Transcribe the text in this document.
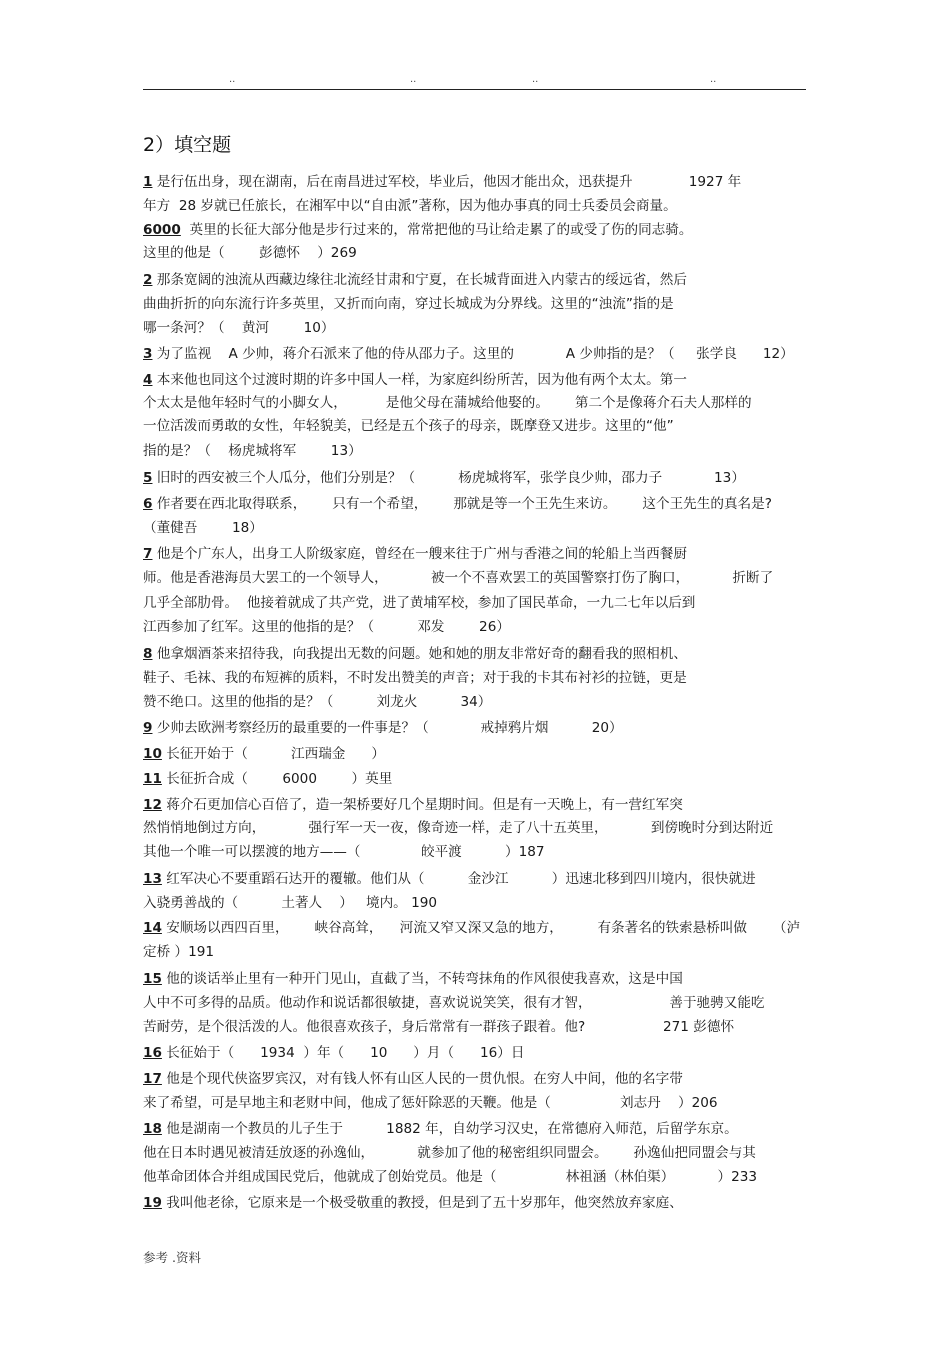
..	..	..	..
2）填空题
1 是行伍出身，现在湖南，后在南昌进过军校，毕业后，他因才能出众，迅获提升             1927 年
年方  28 岁就已任旅长，在湘军中以“自由派”著称，因为他办事真的同士兵委员会商量。
6000  英里的长征大部分他是步行过来的，常常把他的马让给走累了的或受了伤的同志骑。
这里的他是（        彭德怀    ）269
2 那条宽阔的浊流从西藏边缘往北流经甘肃和宁夏，在长城背面进入内蒙古的绥远省，然后
曲曲折折的向东流行许多英里，又折而向南，穿过长城成为分界线。这里的“浊流”指的是
哪一条河？（    黄河        10）
3 为了监视    A 少帅，蒋介石派来了他的侍从邵力子。这里的            A 少帅指的是？（     张学良      12）
4 本来他也同这个过渡时期的许多中国人一样，为家庭纠纷所苦，因为他有两个太太。第一
个太太是他年轻时气的小脚女人，         是他父母在蒲城给他娶的。      第二个是像蒋介石夫人那样的
一位活泼而勇敢的女性，年轻貌美，已经是五个孩子的母亲，既摩登又进步。这里的“他”
指的是？（    杨虎城将军        13）
5 旧时的西安被三个人瓜分，他们分别是？（          杨虎城将军，张学良少帅，邵力子            13）
6 作者要在西北取得联系，      只有一个希望，      那就是等一个王先生来访。      这个王先生的真名是?
（董健吾        18）
7 他是个广东人，出身工人阶级家庭，曾经在一艘来往于广州与香港之间的轮船上当西餐厨
师。他是香港海员大罢工的一个领导人，          被一个不喜欢罢工的英国警察打伤了胸口，          折断了
几乎全部肋骨。  他接着就成了共产党，进了黄埔军校，参加了国民革命，一九二七年以后到
江西参加了红军。这里的他指的是？（          邓发        26）
8 他拿烟酒茶来招待我，向我提出无数的问题。她和她的朋友非常好奇的翻看我的照相机、
鞋子、毛袜、我的布短裤的质料，不时发出赞美的声音；对于我的卡其布衬衫的拉链，更是
赞不绝口。这里的他指的是？（          刘龙火          34）
9 少帅去欧洲考察经历的最重要的一件事是？（            戒掉鸦片烟          20）
10 长征开始于（          江西瑞金      ）
11 长征折合成（        6000        ）英里
12 蒋介石更加信心百倍了，造一架桥要好几个星期时间。但是有一天晚上，有一营红军突
然悄悄地倒过方向，          强行军一天一夜，像奇迹一样，走了八十五英里，          到傍晚时分到达附近
其他一个唯一可以摆渡的地方——（              皎平渡          ）187
13 红军决心不要重蹈石达开的覆辙。他们从（          金沙江          ）迅速北移到四川境内，很快就进
入骁勇善战的（          土著人    ）   境内。 190
14 安顺场以西四百里，      峡谷高耸，    河流又窄又深又急的地方，        有条著名的铁索悬桥叫做      （泸
定桥 ）191
15 他的谈话举止里有一种开门见山，直截了当，不转弯抹角的作风很使我喜欢，这是中国
人中不可多得的品质。他动作和说话都很敏捷，喜欢说说笑笑，很有才智，                  善于驰骋又能吃
苦耐劳，是个很活泼的人。他很喜欢孩子，身后常常有一群孩子跟着。他?                  271 彭德怀
16 长征始于（      1934  ）年（      10      ）月（      16）日
17 他是个现代侠盗罗宾汉，对有钱人怀有山区人民的一贯仇恨。在穷人中间，他的名字带
来了希望，可是早地主和老财中间，他成了惩奸除恶的天鞭。他是（                刘志丹    ）206
18 他是湖南一个教员的儿子生于          1882 年，自幼学习汉史，在常德府入师范，后留学东京。
他在日本时遇见被清廷放逐的孙逸仙，          就参加了他的秘密组织同盟会。      孙逸仙把同盟会与其
他革命团体合并组成国民党后，他就成了创始党员。他是（                林祖涵（林伯渠）          ）233
19 我叫他老徐，它原来是一个极受敬重的教授，但是到了五十岁那年，他突然放弃家庭、
参考 .资料
